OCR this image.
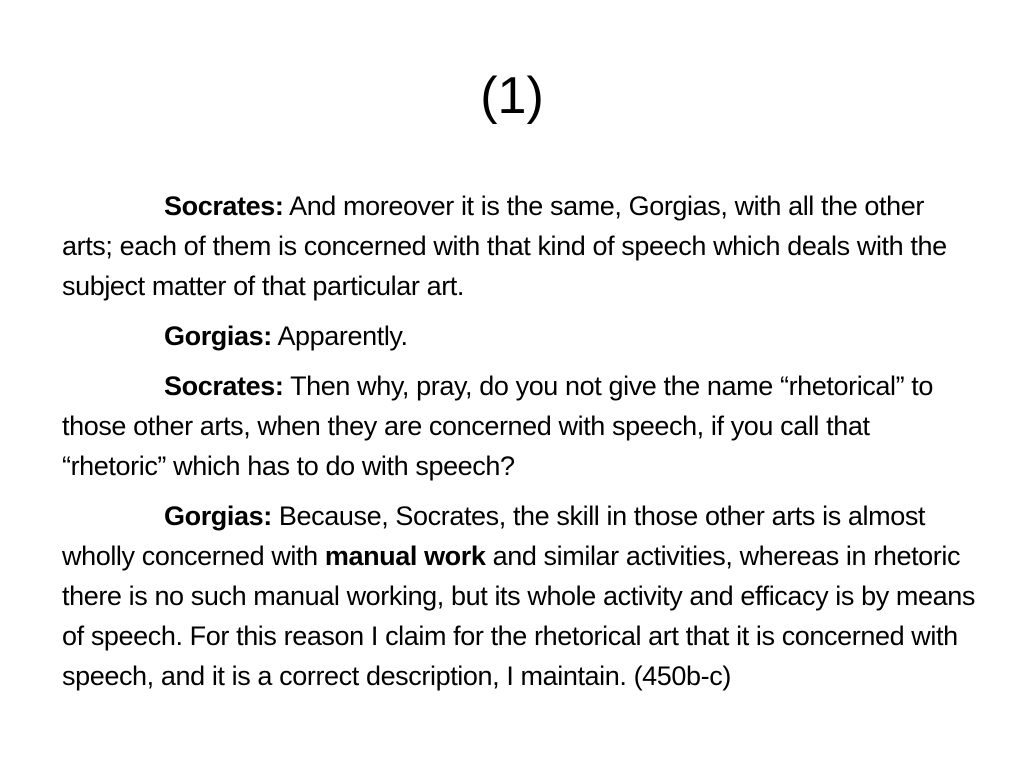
(1)

Socrates: And moreover it is the same, Gorgias, with all the other arts; each of them is concerned with that kind of speech which deals with the subject matter of that particular art.

Gorgias: Apparently.

Socrates: Then why, pray, do you not give the name “rhetorical” to those other arts, when they are concerned with speech, if you call that “rhetoric” which has to do with speech?

Gorgias: Because, Socrates, the skill in those other arts is almost wholly concerned with manual work and similar activities, whereas in rhetoric there is no such manual working, but its whole activity and efficacy is by means of speech. For this reason I claim for the rhetorical art that it is concerned with speech, and it is a correct description, I maintain. (450b-c)
